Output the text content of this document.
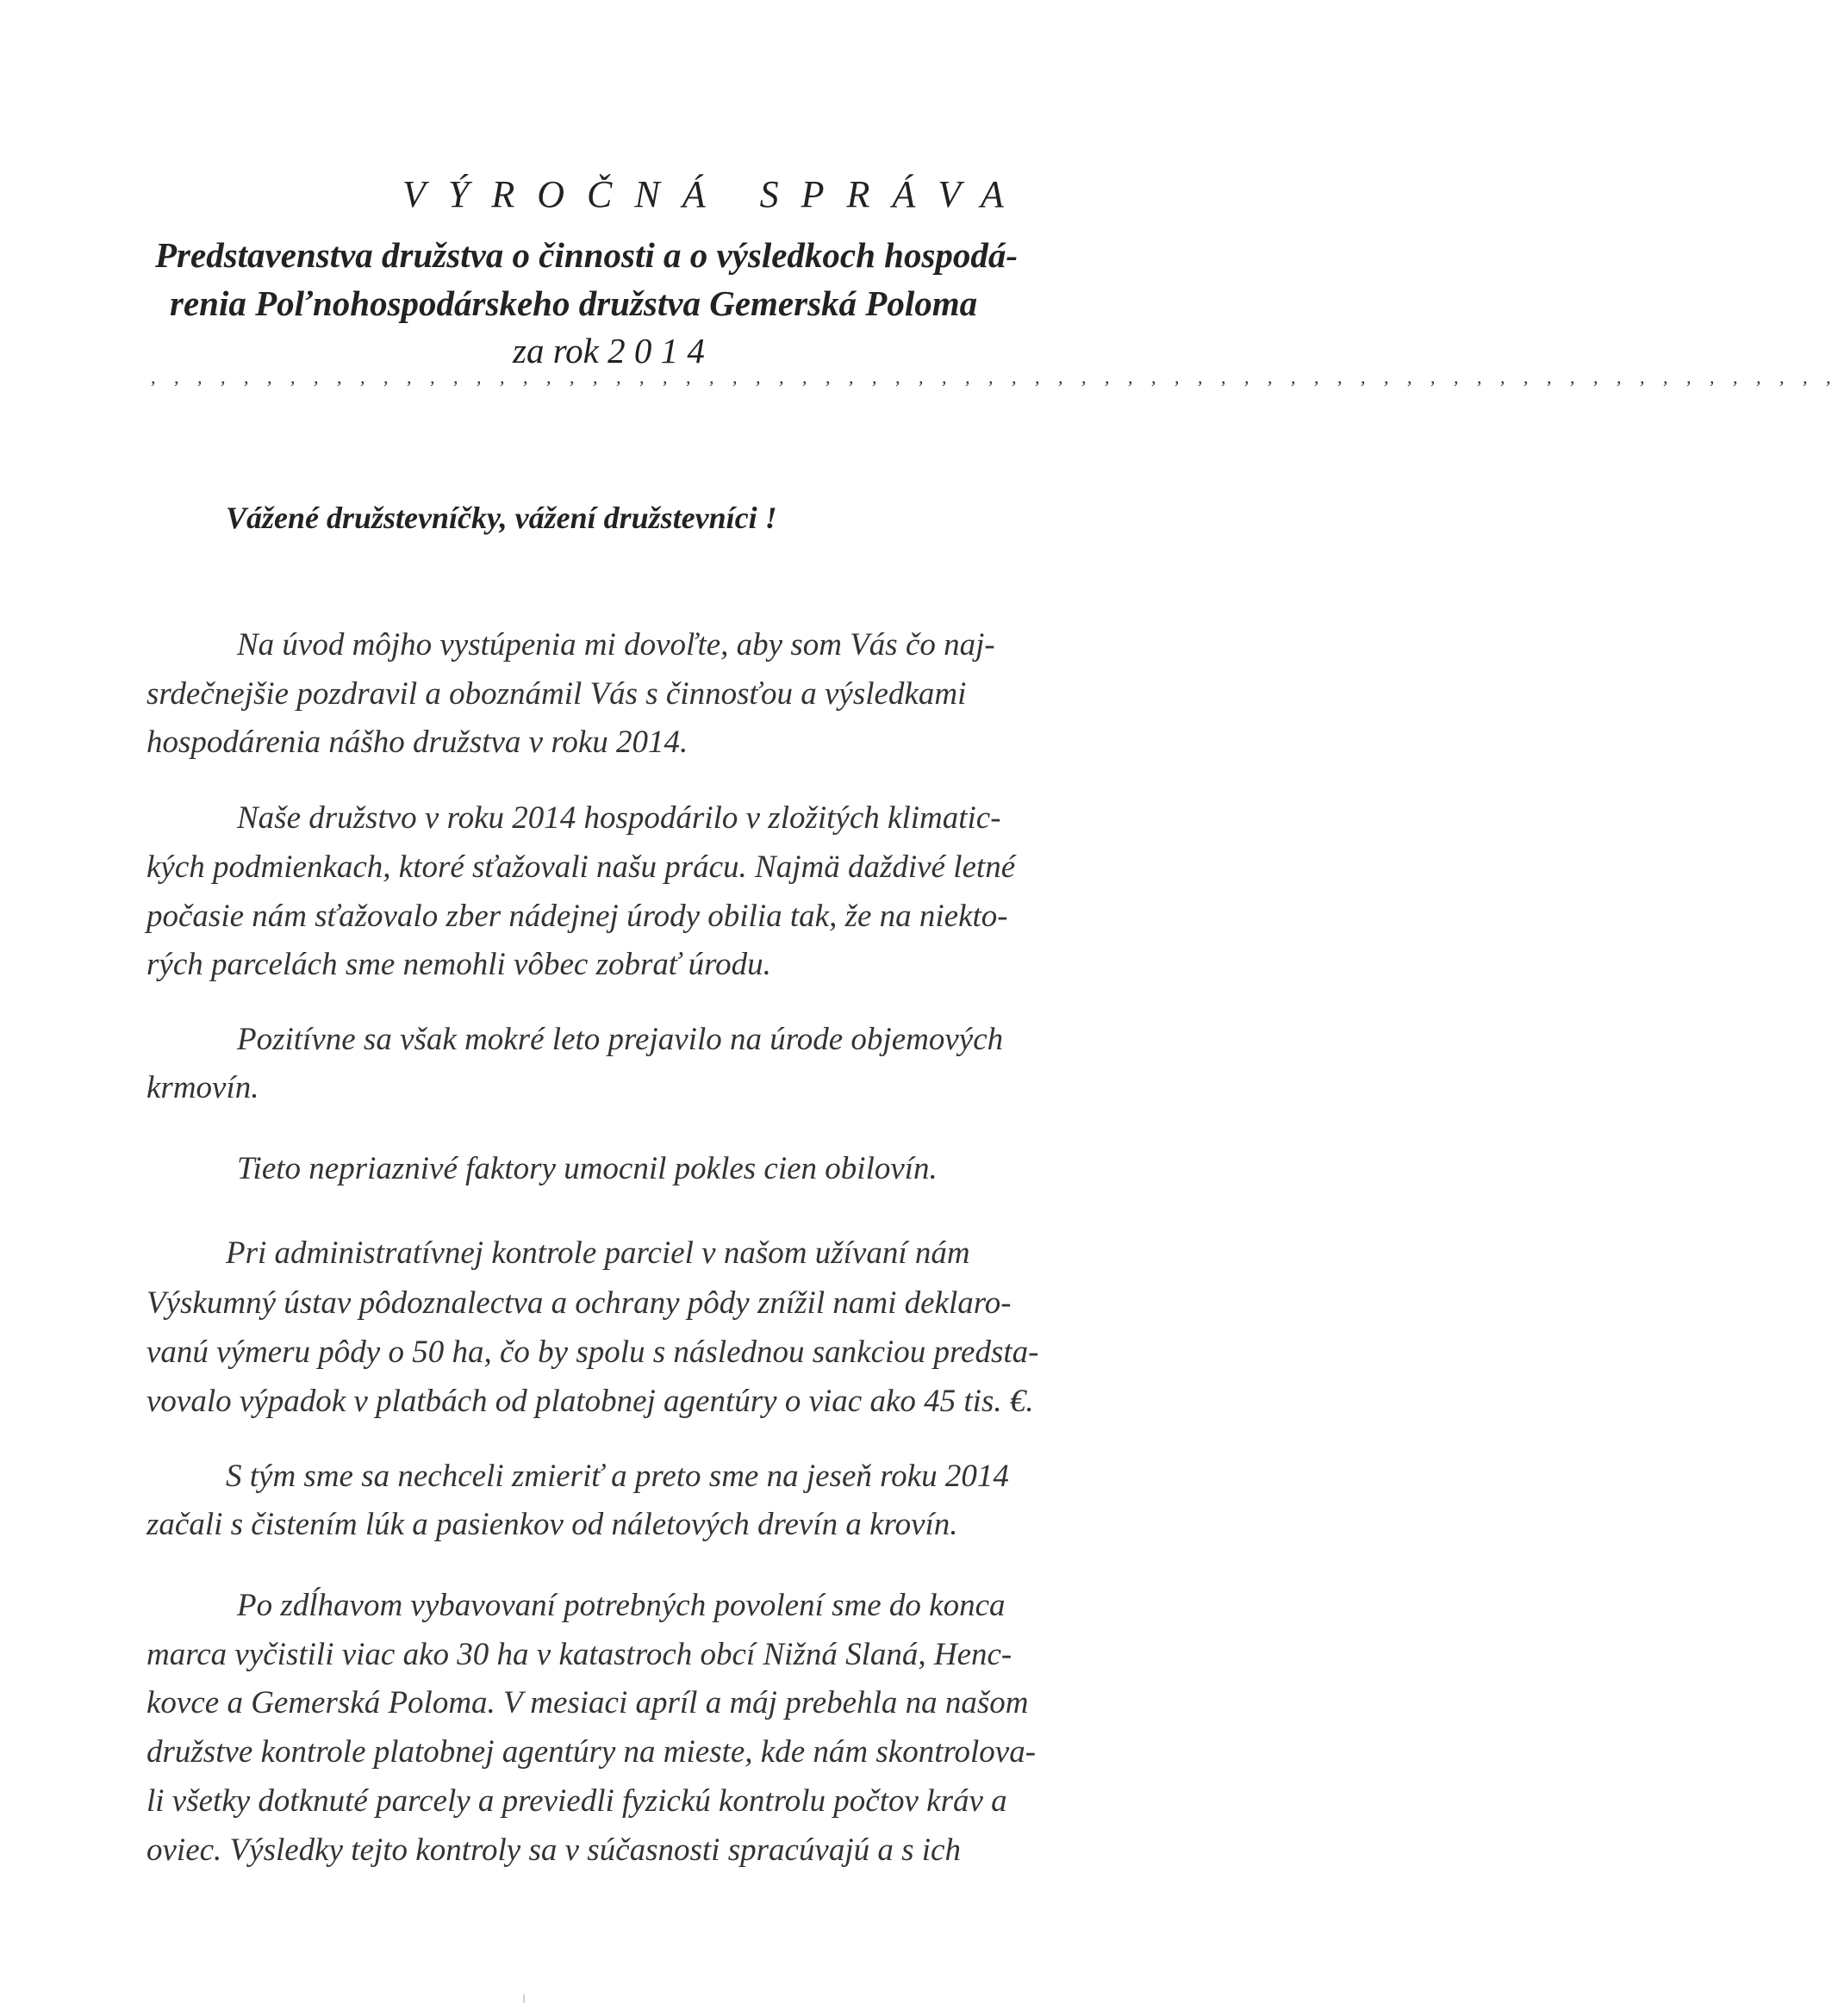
VÝROČNÁ SPRÁVA
Predstavenstva družstva o činnosti a o výsledkoch hospodá-
renia Poľnohospodárskeho družstva Gemerská Poloma
za rok 2 0 1 4
, , , , , , , , , , , , , , , , , , , , , , , , , , , , , , , , , , , , , , , , , , , , , , , , , , , , , , , , , , , , , , , , , , , , , , , , ,
Vážené družstevníčky, vážení družstevníci !
Na úvod môjho vystúpenia mi dovoľte, aby som Vás čo naj-
srdečnejšie pozdravil a oboznámil Vás s činnosťou a výsledkami
hospodárenia nášho družstva v roku 2014.
Naše družstvo v roku 2014 hospodárilo v zložitých klimatic-
kých podmienkach, ktoré sťažovali našu prácu. Najmä daždivé letné
počasie nám sťažovalo zber nádejnej úrody obilia tak, že na niekto-
rých parcelách sme nemohli vôbec zobrať úrodu.
Pozitívne sa však mokré leto prejavilo na úrode objemových
krmovín.
Tieto nepriaznivé faktory umocnil pokles cien obilovín.
Pri administratívnej kontrole parciel v našom užívaní nám
Výskumný ústav pôdoznalectva a ochrany pôdy znížil nami deklaro-
vanú výmeru pôdy o 50 ha, čo by spolu s následnou sankciou predsta-
vovalo výpadok v platbách od platobnej agentúry o viac ako 45 tis. €.
S tým sme sa nechceli zmieriť a preto sme na jeseň roku 2014
začali s čistením lúk a pasienkov od náletových drevín a krovín.
Po zdĺhavom vybavovaní potrebných povolení sme do konca
marca vyčistili viac ako 30 ha v katastroch obcí Nižná Slaná, Henc-
kovce a Gemerská Poloma. V mesiaci apríl a máj prebehla na našom
družstve kontrole platobnej agentúry na mieste, kde nám skontrolova-
li všetky dotknuté parcely a previedli fyzickú kontrolu počtov kráv a
oviec. Výsledky tejto kontroly sa v súčasnosti spracúvajú a s ich
